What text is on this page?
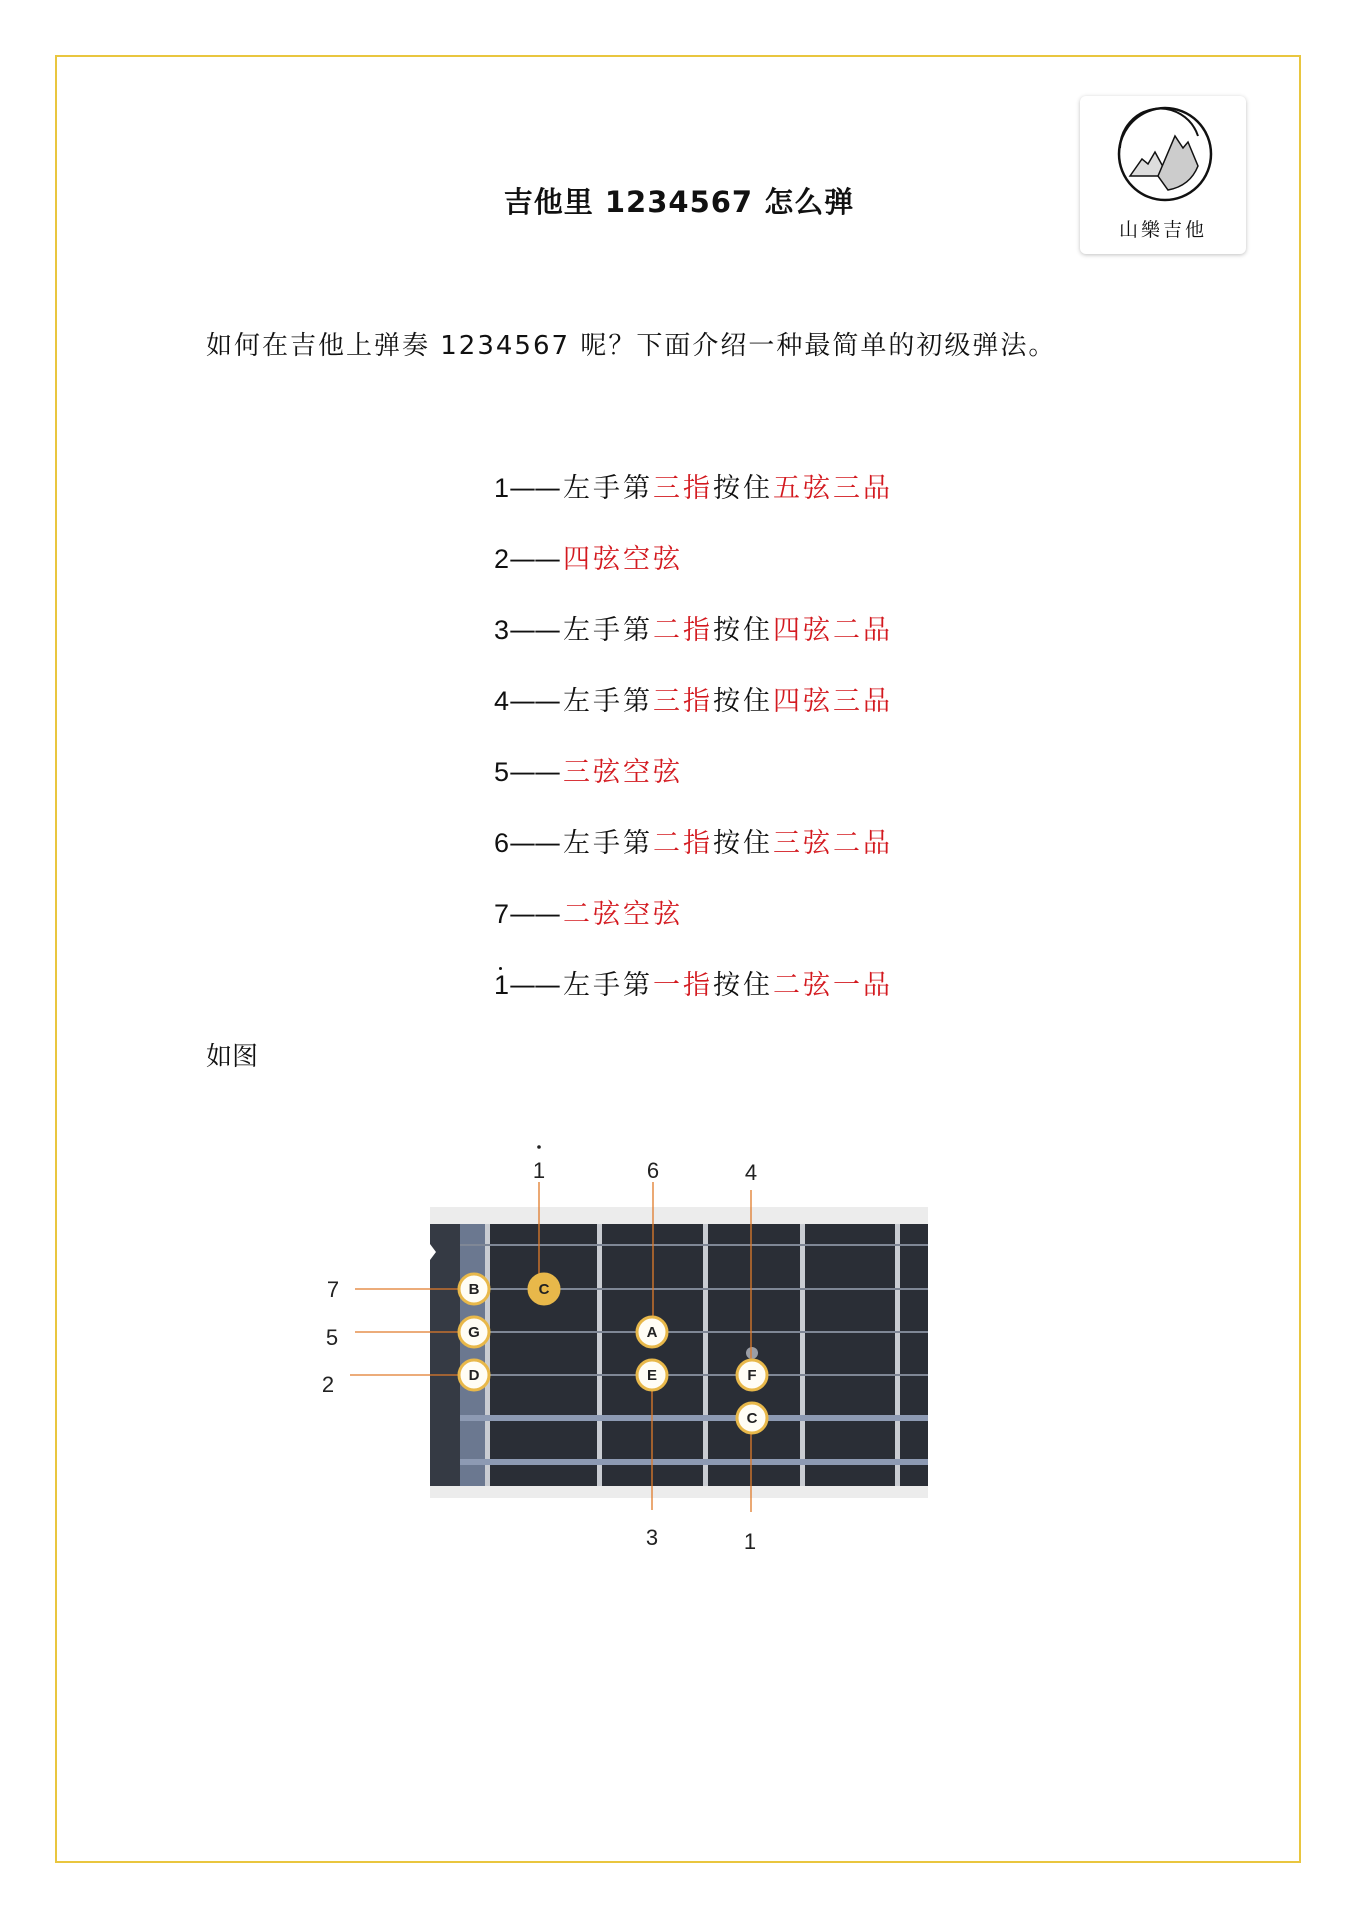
吉他里 1234567 怎么弹
山樂吉他
如何在吉他上弹奏 1234567 呢？下面介绍一种最简单的初级弹法。
1—— 左手第三指按住五弦三品
2—— 四弦空弦
3—— 左手第二指按住四弦二品
4—— 左手第三指按住四弦三品
5—— 三弦空弦
6—— 左手第二指按住三弦二品
7—— 二弦空弦
1—— 左手第一指按住二弦一品
如图
B	C
G	A
D	E	F
C
1	6	4
7
5
2
3	1
